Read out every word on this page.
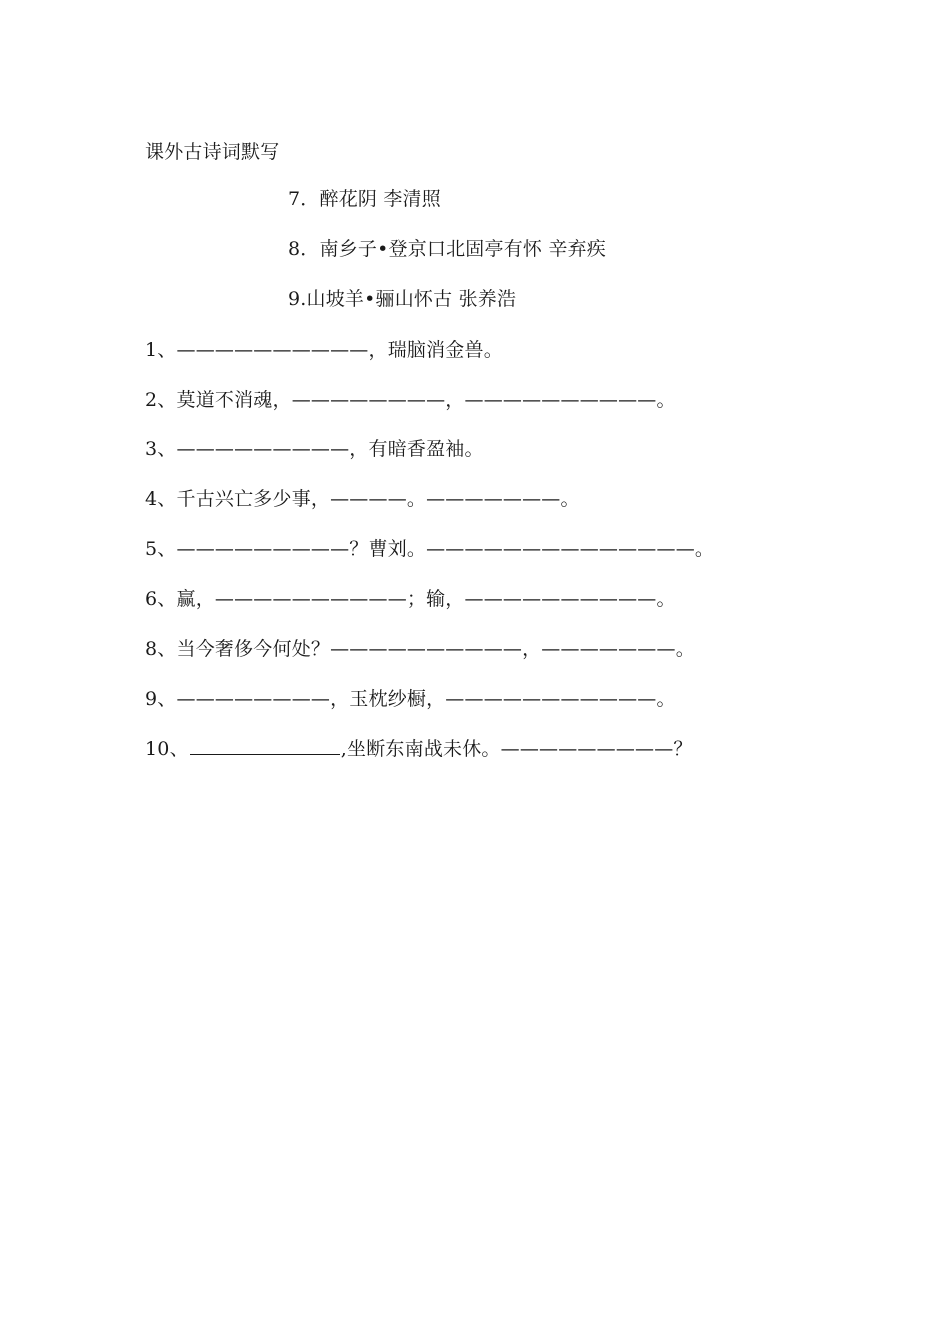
课外古诗词默写
7．醉花阴 李清照
8．南乡子•登京口北固亭有怀 辛弃疾
9.山坡羊•骊山怀古 张养浩
1、——————————，瑞脑消金兽。
2、莫道不消魂，————————，——————————。
3、—————————，有暗香盈袖。
4、千古兴亡多少事，————。———————。
5、—————————？曹刘。——————————————。
6、赢，——————————；输，——————————。
8、当今奢侈今何处？——————————，———————。
9、————————，玉枕纱橱，———————————。
10、	,坐断东南战未休。—————————？
